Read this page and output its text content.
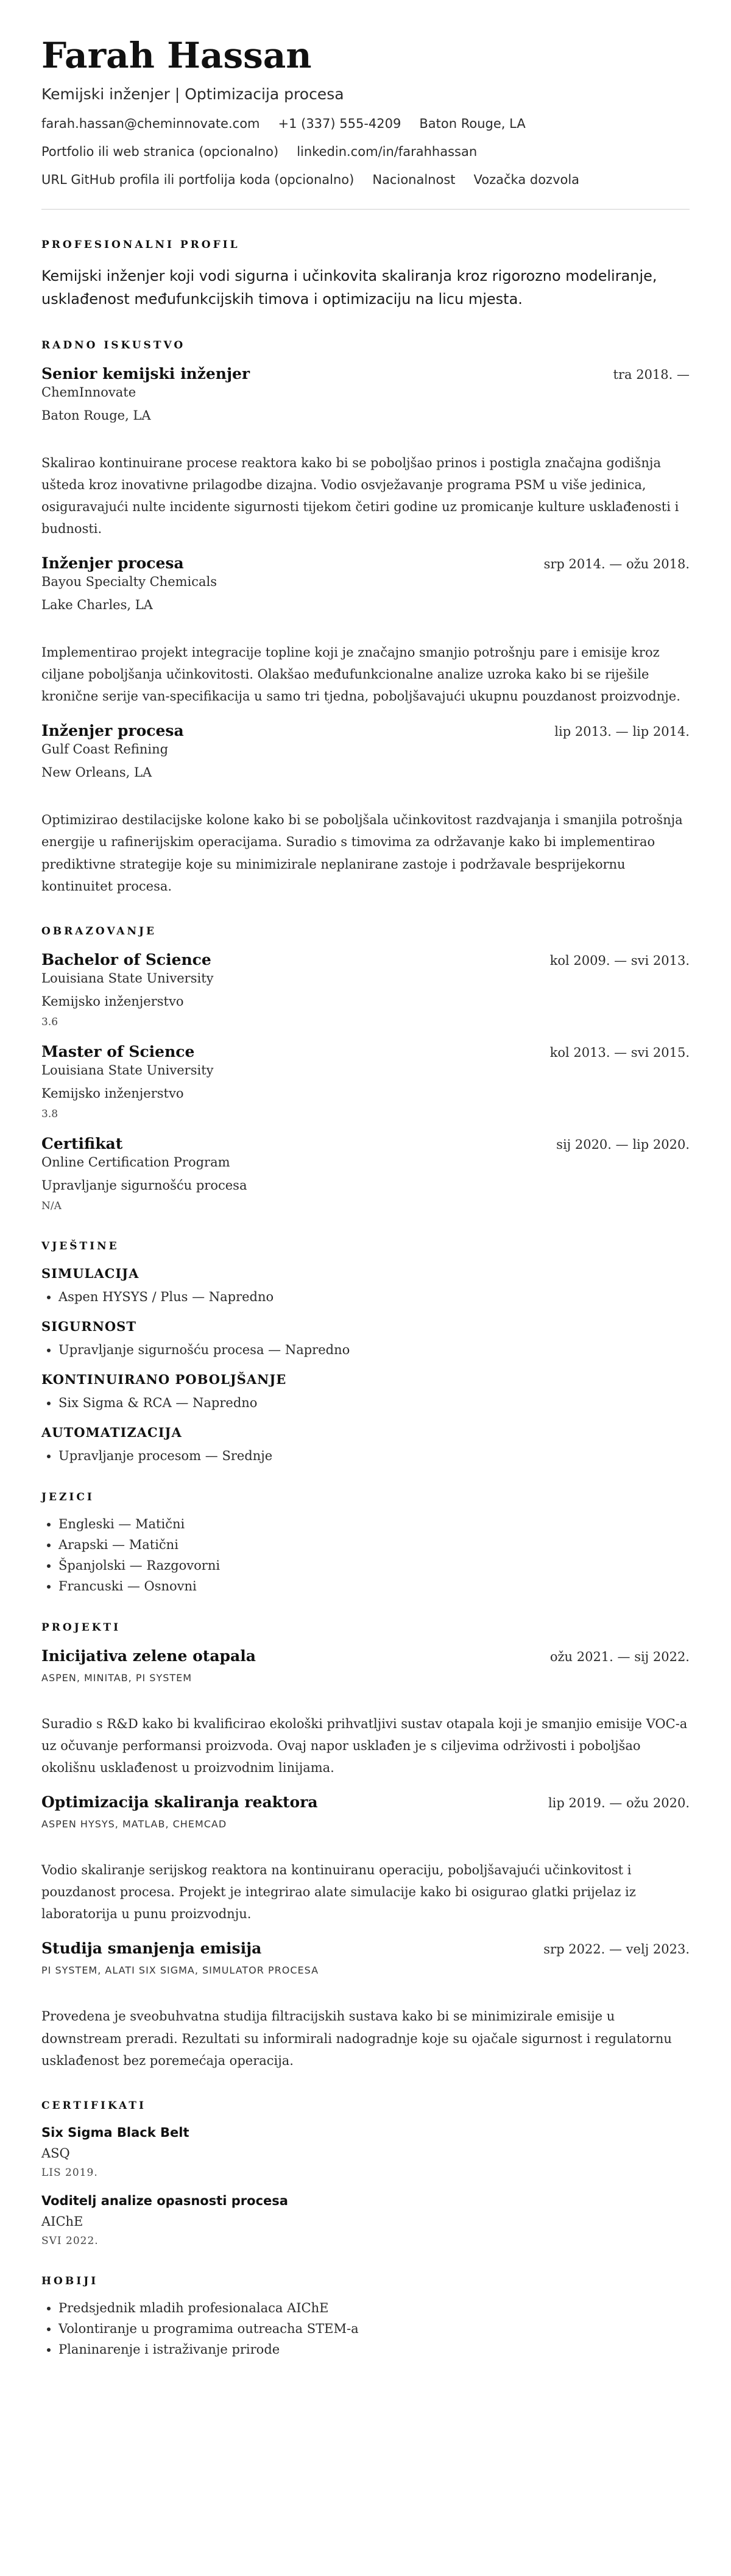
Farah Hassan
Kemijski inženjer | Optimizacija procesa
farah.hassan@cheminnovate.com +1 (337) 555-4209 Baton Rouge, LA
Portfolio ili web stranica (opcionalno) linkedin.com/in/farahhassan
URL GitHub profila ili portfolija koda (opcionalno) Nacionalnost Vozačka dozvola
PROFESIONALNI PROFIL
Kemijski inženjer koji vodi sigurna i učinkovita skaliranja kroz rigorozno modeliranje, usklađenost međufunkcijskih timova i optimizaciju na licu mjesta.
RADNO ISKUSTVO
Senior kemijski inženjer	tra 2018. —
ChemInnovate
Baton Rouge, LA
Skalirao kontinuirane procese reaktora kako bi se poboljšao prinos i postigla značajna godišnja ušteda kroz inovativne prilagodbe dizajna. Vodio osvježavanje programa PSM u više jedinica, osiguravajući nulte incidente sigurnosti tijekom četiri godine uz promicanje kulture usklađenosti i budnosti.
Inženjer procesa	srp 2014. — ožu 2018.
Bayou Specialty Chemicals
Lake Charles, LA
Implementirao projekt integracije topline koji je značajno smanjio potrošnju pare i emisije kroz ciljane poboljšanja učinkovitosti. Olakšao međufunkcionalne analize uzroka kako bi se riješile kronične serije van-specifikacija u samo tri tjedna, poboljšavajući ukupnu pouzdanost proizvodnje.
Inženjer procesa	lip 2013. — lip 2014.
Gulf Coast Refining
New Orleans, LA
Optimizirao destilacijske kolone kako bi se poboljšala učinkovitost razdvajanja i smanjila potrošnja energije u rafinerijskim operacijama. Suradio s timovima za održavanje kako bi implementirao prediktivne strategije koje su minimizirale neplanirane zastoje i podržavale besprijekornu kontinuitet procesa.
OBRAZOVANJE
Bachelor of Science	kol 2009. — svi 2013.
Louisiana State University
Kemijsko inženjerstvo
3.6
Master of Science	kol 2013. — svi 2015.
Louisiana State University
Kemijsko inženjerstvo
3.8
Certifikat	sij 2020. — lip 2020.
Online Certification Program
Upravljanje sigurnošću procesa
N/A
VJEŠTINE
SIMULACIJA
• Aspen HYSYS / Plus — Napredno
SIGURNOST
• Upravljanje sigurnošću procesa — Napredno
KONTINUIRANO POBOLJŠANJE
• Six Sigma & RCA — Napredno
AUTOMATIZACIJA
• Upravljanje procesom — Srednje
JEZICI
• Engleski — Matični
• Arapski — Matični
• Španjolski — Razgovorni
• Francuski — Osnovni
PROJEKTI
Inicijativa zelene otapala	ožu 2021. — sij 2022.
ASPEN, MINITAB, PI SYSTEM
Suradio s R&D kako bi kvalificirao ekološki prihvatljivi sustav otapala koji je smanjio emisije VOC-a uz očuvanje performansi proizvoda. Ovaj napor usklađen je s ciljevima održivosti i poboljšao okolišnu usklađenost u proizvodnim linijama.
Optimizacija skaliranja reaktora	lip 2019. — ožu 2020.
ASPEN HYSYS, MATLAB, CHEMCAD
Vodio skaliranje serijskog reaktora na kontinuiranu operaciju, poboljšavajući učinkovitost i pouzdanost procesa. Projekt je integrirao alate simulacije kako bi osigurao glatki prijelaz iz laboratorija u punu proizvodnju.
Studija smanjenja emisija	srp 2022. — velj 2023.
PI SYSTEM, ALATI SIX SIGMA, SIMULATOR PROCESA
Provedena je sveobuhvatna studija filtracijskih sustava kako bi se minimizirale emisije u downstream preradi. Rezultati su informirali nadogradnje koje su ojačale sigurnost i regulatornu usklađenost bez poremećaja operacija.
CERTIFIKATI
Six Sigma Black Belt
ASQ
LIS 2019.
Voditelj analize opasnosti procesa
AIChE
SVI 2022.
HOBIJI
• Predsjednik mladih profesionalaca AIChE
• Volontiranje u programima outreacha STEM-a
• Planinarenje i istraživanje prirode
